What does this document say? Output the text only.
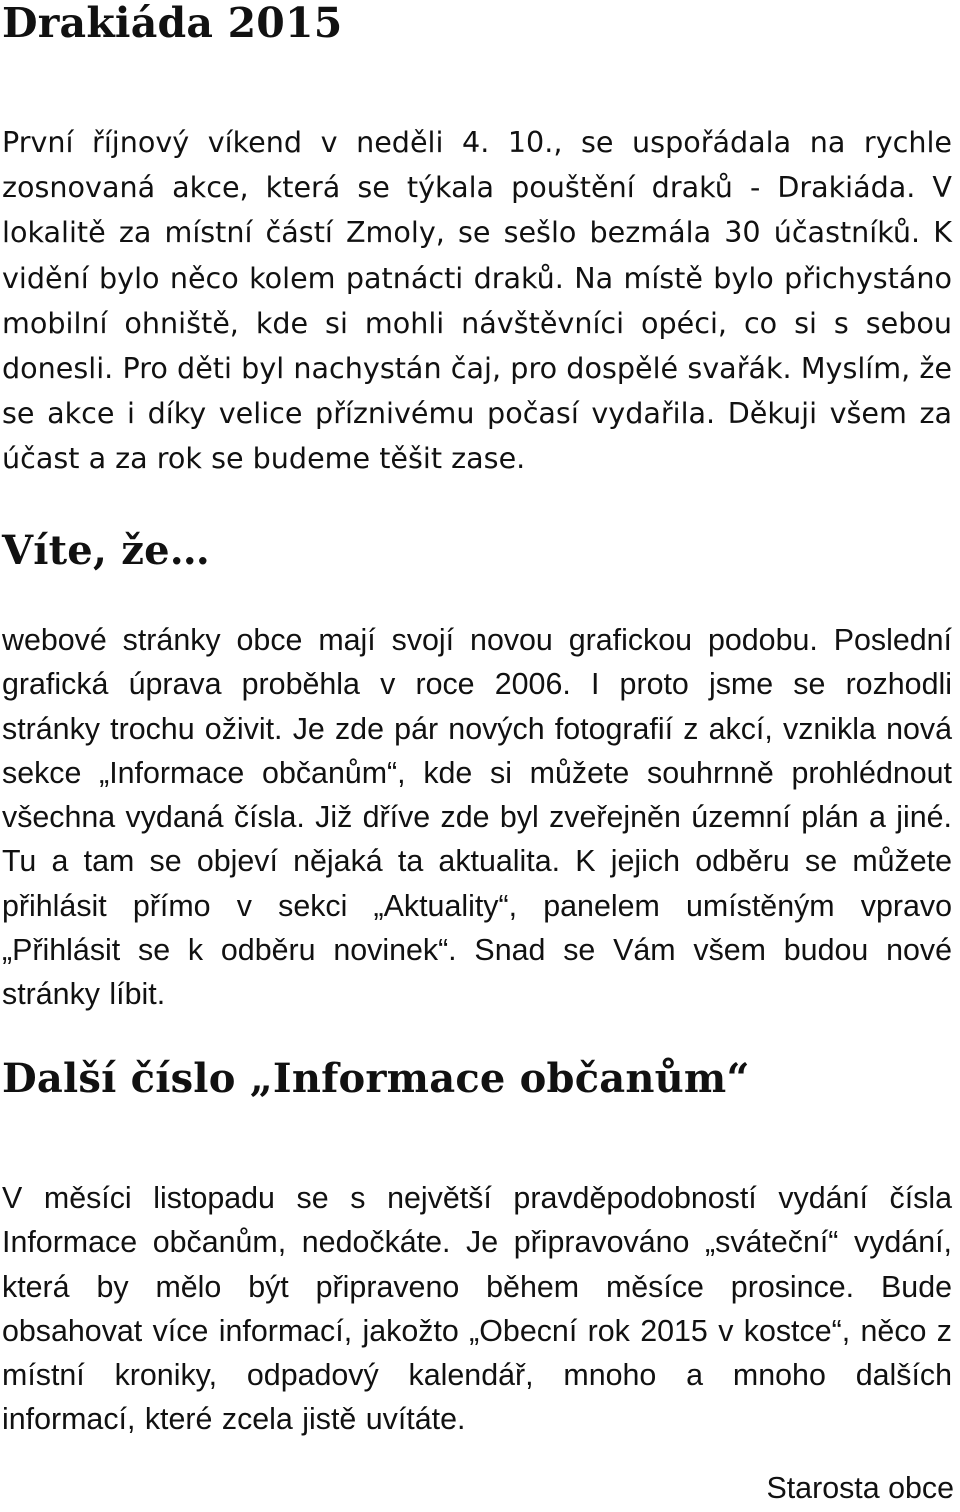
Drakiáda 2015

První říjnový víkend v neděli 4. 10., se uspořádala na rychle zosnovaná akce, která se týkala pouštění draků - Drakiáda. V lokalitě za místní částí Zmoly, se sešlo bezmála 30 účastníků. K vidění bylo něco kolem patnácti draků. Na místě bylo přichystáno mobilní ohniště, kde si mohli návštěvníci opéci, co si s sebou donesli. Pro děti byl nachystán čaj, pro dospělé svařák. Myslím, že se akce i díky velice příznivému počasí vydařila. Děkuji všem za účast a za rok se budeme těšit zase.

Víte, že…

webové stránky obce mají svojí novou grafickou podobu. Poslední grafická úprava proběhla v roce 2006. I proto jsme se rozhodli stránky trochu oživit. Je zde pár nových fotografií z akcí, vznikla nová sekce „Informace občanům“, kde si můžete souhrnně prohlédnout všechna vydaná čísla. Již dříve zde byl zveřejněn územní plán a jiné. Tu a tam se objeví nějaká ta aktualita. K jejich odběru se můžete přihlásit přímo v sekci „Aktuality“, panelem umístěným vpravo „Přihlásit se k odběru novinek“. Snad se Vám všem budou nové stránky líbit.

Další číslo „Informace občanům“

V měsíci listopadu se s největší pravděpodobností vydání čísla Informace občanům, nedočkáte. Je připravováno „sváteční“ vydání, která by mělo být připraveno během měsíce prosince. Bude obsahovat více informací, jakožto „Obecní rok 2015 v kostce“, něco z místní kroniky, odpadový kalendář, mnoho a mnoho dalších informací, které zcela jistě uvítáte.

Starosta obce
